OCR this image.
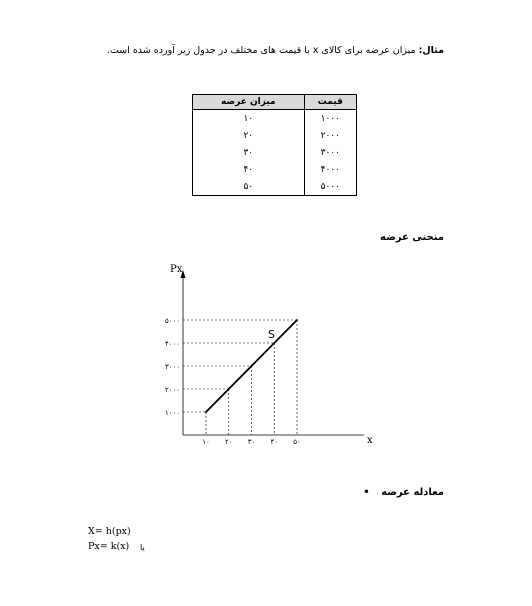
مثال: میزان عرضه برای کالای x با قیمت های مختلف در جدول زیر آورده شده است.
قیمت	میزان عرضه
۱۰۰۰	۱۰
۲۰۰۰	۲۰
۳۰۰۰	۳۰
۴۰۰۰	۴۰
۵۰۰۰	۵۰
منحنی عرضه
۱۰ ۲۰ ۳۰ ۴۰ ۵۰
۱۰۰۰
۲۰۰۰
۳۰۰۰
۴۰۰۰
۵۰۰۰
Px
x
S
معادله عرضه •
X= h(px)
Px= k(x) یا
